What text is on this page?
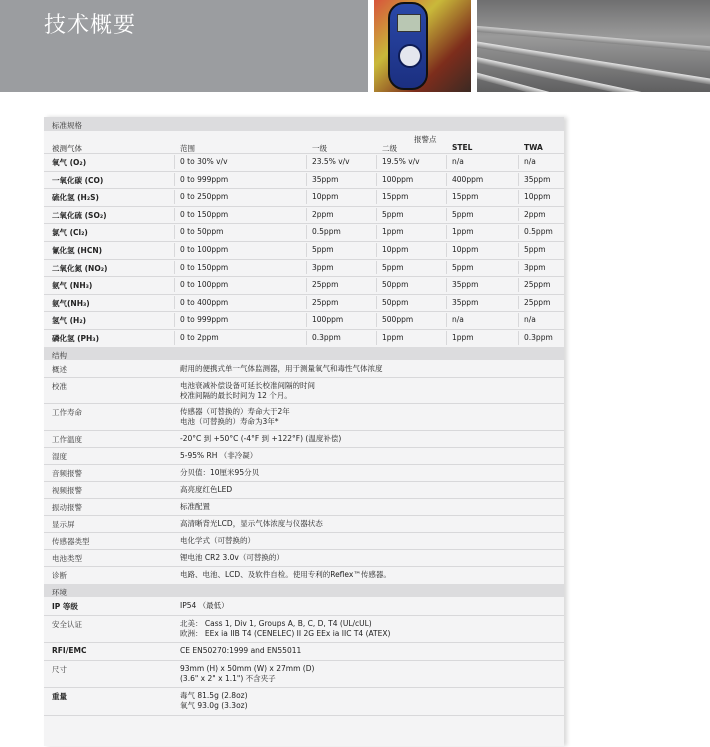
技术概要
标准规格
报警点
被测气体	范围	一级	二级	STEL	TWA
氧气 (O₂)	0 to 30% v/v	23.5% v/v	19.5% v/v	n/a	n/a
一氧化碳 (CO)	0 to 999ppm	35ppm	100ppm	400ppm	35ppm
硫化氢 (H₂S)	0 to 250ppm	10ppm	15ppm	15ppm	10ppm
二氧化硫 (SO₂)	0 to 150ppm	2ppm	5ppm	5ppm	2ppm
氯气 (Cl₂)	0 to 50ppm	0.5ppm	1ppm	1ppm	0.5ppm
氰化氢 (HCN)	0 to 100ppm	5ppm	10ppm	10ppm	5ppm
二氧化氮 (NO₂)	0 to 150ppm	3ppm	5ppm	5ppm	3ppm
氨气 (NH₃)	0 to 100ppm	25ppm	50ppm	35ppm	25ppm
氨气(NH₃)	0 to 400ppm	25ppm	50ppm	35ppm	25ppm
氢气 (H₂)	0 to 999ppm	100ppm	500ppm	n/a	n/a
磷化氢 (PH₃)	0 to 2ppm	0.3ppm	1ppm	1ppm	0.3ppm
结构
概述	耐用的便携式单一气体监测器，用于测量氧气和毒性气体浓度
校准	电池衰减补偿设备可延长校准间隔的时间
校准间隔的最长时间为 12 个月。
工作寿命	传感器（可替换的）寿命大于2年
电池（可替换的）寿命为3年*
工作温度	-20°C 到 +50°C (-4°F 到 +122°F) (温度补偿)
湿度	5-95% RH （非冷凝）
音频报警	分贝值：10厘米95分贝
视频报警	高亮度红色LED
振动报警	标准配置
显示屏	高清晰背光LCD，显示气体浓度与仪器状态
传感器类型	电化学式（可替换的）
电池类型	锂电池 CR2 3.0v（可替换的）
诊断	电路、电池、LCD、及软件自检。使用专利的Reflex™传感器。
环境
IP 等级	IP54 （最低）
安全认证	北美： Cass 1, Div 1, Groups A, B, C, D, T4 (UL/cUL)
欧洲： EEx ia IIB T4 (CENELEC) II 2G EEx ia IIC T4 (ATEX)
RFI/EMC	CE EN50270:1999 and EN55011
尺寸	93mm (H) x 50mm (W) x 27mm (D)
(3.6" x 2" x 1.1") 不含夹子
重量	毒气 81.5g (2.8oz)
氧气 93.0g (3.3oz)
